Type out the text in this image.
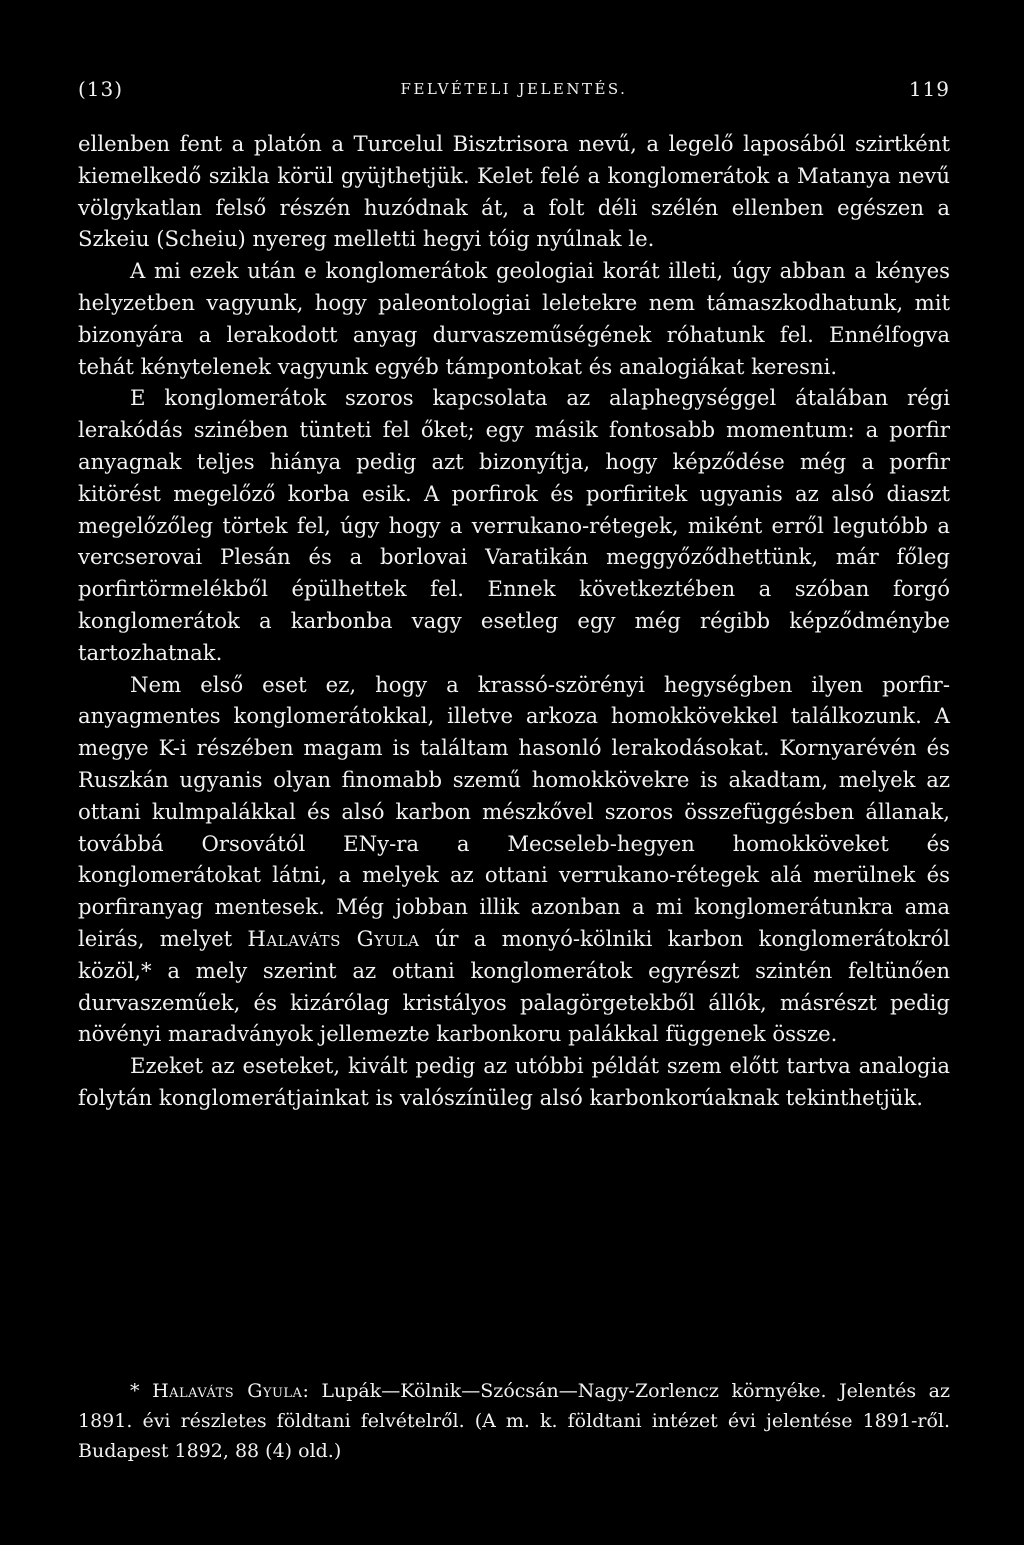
(13)	FELVÉTELI JELENTÉS.	119

ellenben fent a platón a Turcelul Bisztrisora nevű, a legelő laposából szirtként kiemelkedő szikla körül gyüjthetjük. Kelet felé a konglomerátok a Matanya nevű völgykatlan felső részén huzódnak át, a folt déli szélén ellenben egészen a Szkeiu (Scheiu) nyereg melletti hegyi tóig nyúlnak le.

A mi ezek után e konglomerátok geologiai korát illeti, úgy abban a kényes helyzetben vagyunk, hogy paleontologiai leletekre nem támaszkodhatunk, mit bizonyára a lerakodott anyag durvaszeműségének róhatunk fel. Ennélfogva tehát kénytelenek vagyunk egyéb támpontokat és analogiákat keresni.

E konglomerátok szoros kapcsolata az alaphegységgel átalában régi lerakódás szinében tünteti fel őket; egy másik fontosabb momentum: a porfir anyagnak teljes hiánya pedig azt bizonyítja, hogy képződése még a porfir kitörést megelőző korba esik. A porfirok és porfiritek ugyanis az alsó diaszt megelőzőleg törtek fel, úgy hogy a verrukano-rétegek, miként erről legutóbb a vercserovai Plesán és a borlovai Varatikán meggyőződhettünk, már főleg porfirtörmelékből épülhettek fel. Ennek következtében a szóban forgó konglomerátok a karbonba vagy esetleg egy még régibb képződménybe tartozhatnak.

Nem első eset ez, hogy a krassó-szörényi hegységben ilyen porfiranyagmentes konglomerátokkal, illetve arkoza homokkövekkel találkozunk. A megye K-i részében magam is találtam hasonló lerakodásokat. Kornyarévén és Ruszkán ugyanis olyan finomabb szemű homokkövekre is akadtam, melyek az ottani kulmpalákkal és alsó karbon mészkővel szoros összefüggésben állanak, továbbá Orsovától ENy-ra a Mecseleb-hegyen homokköveket és konglomerátokat látni, a melyek az ottani verrukano-rétegek alá merülnek és porfiranyag mentesek. Még jobban illik azonban a mi konglomerátunkra ama leirás, melyet Halaváts Gyula úr a monyó-kölniki karbon konglomerátokról közöl,* a mely szerint az ottani konglomerátok egyrészt szintén feltünően durvaszeműek, és kizárólag kristályos palagörgetekből állók, másrészt pedig növényi maradványok jellemezte karbonkoru palákkal függenek össze.

Ezeket az eseteket, kivált pedig az utóbbi példát szem előtt tartva analogia folytán konglomerátjainkat is valószínüleg alsó karbonkorúaknak tekinthetjük.

* Halaváts Gyula: Lupák—Kölnik—Szócsán—Nagy-Zorlencz környéke. Jelentés az 1891. évi részletes földtani felvételről. (A m. k. földtani intézet évi jelentése 1891-ről. Budapest 1892, 88 (4) old.)
